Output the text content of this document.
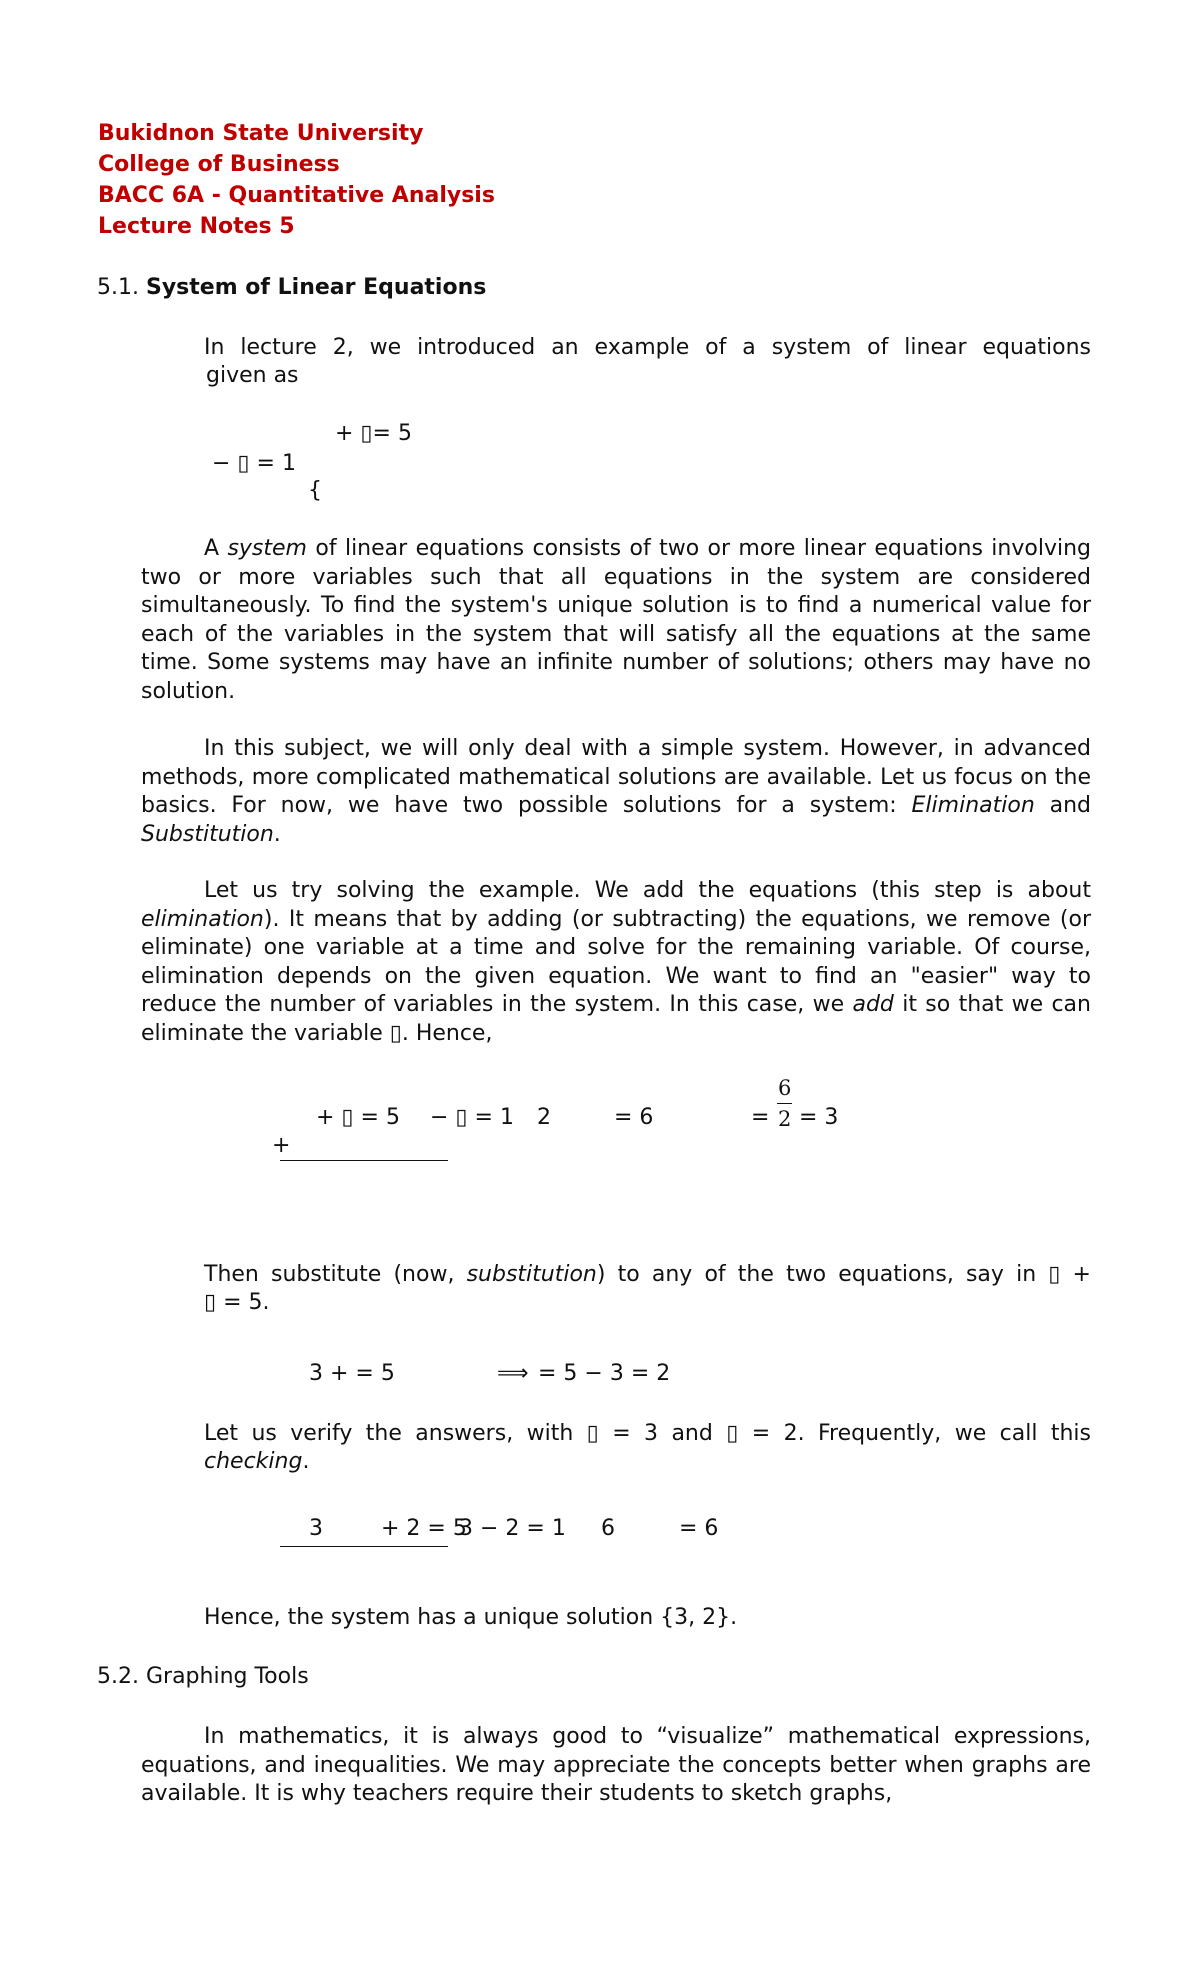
Bukidnon State University
College of Business
BACC 6A - Quantitative Analysis
Lecture Notes 5
5.1. System of Linear Equations
In lecture 2, we introduced an example of a system of linear equations
given as
+ ▯= 5
− ▯ = 1
{

A system of linear equations consists of two or more linear equations involving two or more variables such that all equations in the system are considered simultaneously. To find the system's unique solution is to find a numerical value for each of the variables in the system that will satisfy all the equations at the same time. Some systems may have an infinite number of solutions; others may have no solution.

In this subject, we will only deal with a simple system. However, in advanced methods, more complicated mathematical solutions are available. Let us focus on the basics. For now, we have two possible solutions for a system: Elimination and Substitution.

Let us try solving the example. We add the equations (this step is about elimination). It means that by adding (or subtracting) the equations, we remove (or eliminate) one variable at a time and solve for the remaining variable. Of course, elimination depends on the given equation. We want to find an "easier" way to reduce the number of variables in the system. In this case, we add it so that we can eliminate the variable ▯. Hence,

+ ▯ = 5 − ▯ = 1 2	= 6
+
=
6
2 = 3
Then substitute (now, substitution) to any of the two equations, say in ▯ +
▯ = 5.
3 + = 5	⟹ = 5 − 3 = 2
Let us verify the answers, with ▯ = 3 and ▯ = 2. Frequently, we call this
checking.
3	+ 2 = 5
3 − 2 = 1 6	= 6
Hence, the system has a unique solution {3, 2}.
5.2. Graphing Tools

In mathematics, it is always good to “visualize” mathematical expressions, equations, and inequalities. We may appreciate the concepts better when graphs are available. It is why teachers require their students to sketch graphs,
